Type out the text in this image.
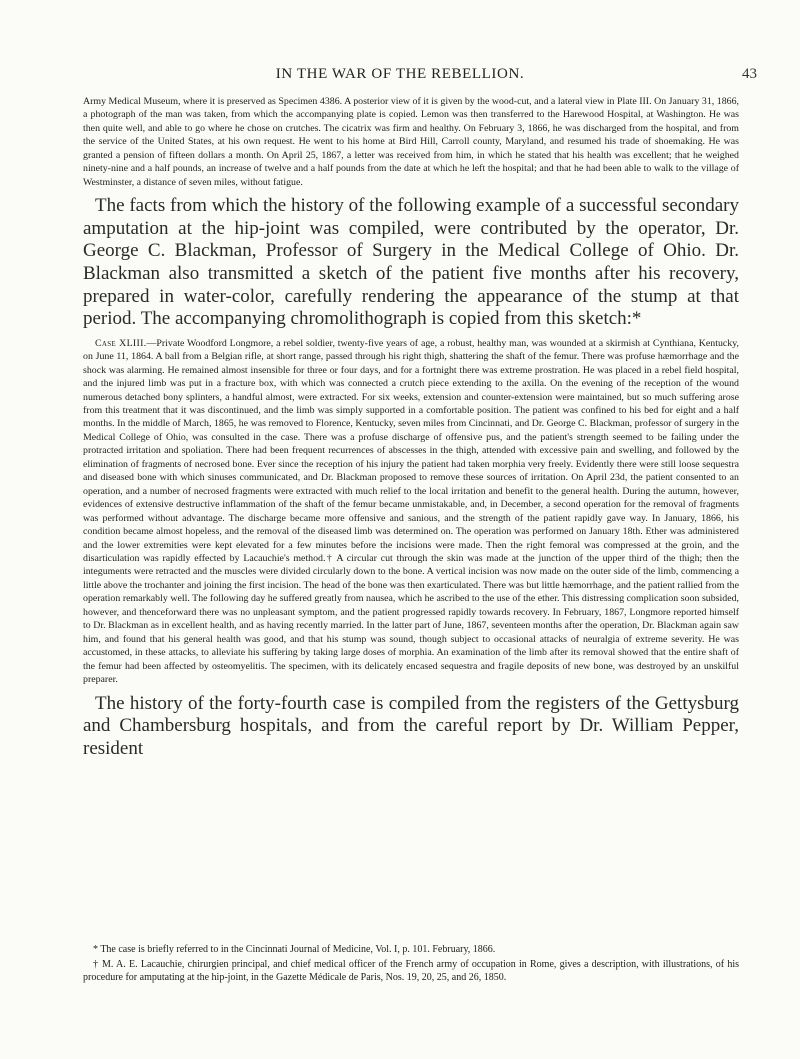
IN THE WAR OF THE REBELLION.	43

Army Medical Museum, where it is preserved as Specimen 4386. A posterior view of it is given by the wood-cut, and a lateral view in Plate III. On January 31, 1866, a photograph of the man was taken, from which the accompanying plate is copied. Lemon was then transferred to the Harewood Hospital, at Washington. He was then quite well, and able to go where he chose on crutches. The cicatrix was firm and healthy. On February 3, 1866, he was discharged from the hospital, and from the service of the United States, at his own request. He went to his home at Bird Hill, Carroll county, Maryland, and resumed his trade of shoemaking. He was granted a pension of fifteen dollars a month. On April 25, 1867, a letter was received from him, in which he stated that his health was excellent; that he weighed ninety-nine and a half pounds, an increase of twelve and a half pounds from the date at which he left the hospital; and that he had been able to walk to the village of Westminster, a distance of seven miles, without fatigue.

The facts from which the history of the following example of a successful secondary amputation at the hip-joint was compiled, were contributed by the operator, Dr. George C. Blackman, Professor of Surgery in the Medical College of Ohio. Dr. Blackman also transmitted a sketch of the patient five months after his recovery, prepared in water-color, carefully rendering the appearance of the stump at that period. The accompanying chromolithograph is copied from this sketch:*

Case XLIII.—Private Woodford Longmore, a rebel soldier, twenty-five years of age, a robust, healthy man, was wounded at a skirmish at Cynthiana, Kentucky, on June 11, 1864. A ball from a Belgian rifle, at short range, passed through his right thigh, shattering the shaft of the femur. There was profuse hæmorrhage and the shock was alarming. He remained almost insensible for three or four days, and for a fortnight there was extreme prostration. He was placed in a rebel field hospital, and the injured limb was put in a fracture box, with which was connected a crutch piece extending to the axilla. On the evening of the reception of the wound numerous detached bony splinters, a handful almost, were extracted. For six weeks, extension and counter-extension were maintained, but so much suffering arose from this treatment that it was discontinued, and the limb was simply supported in a comfortable position. The patient was confined to his bed for eight and a half months. In the middle of March, 1865, he was removed to Florence, Kentucky, seven miles from Cincinnati, and Dr. George C. Blackman, professor of surgery in the Medical College of Ohio, was consulted in the case. There was a profuse discharge of offensive pus, and the patient's strength seemed to be failing under the protracted irritation and spoliation. There had been frequent recurrences of abscesses in the thigh, attended with excessive pain and swelling, and followed by the elimination of fragments of necrosed bone. Ever since the reception of his injury the patient had taken morphia very freely. Evidently there were still loose sequestra and diseased bone with which sinuses communicated, and Dr. Blackman proposed to remove these sources of irritation. On April 23d, the patient consented to an operation, and a number of necrosed fragments were extracted with much relief to the local irritation and benefit to the general health. During the autumn, however, evidences of extensive destructive inflammation of the shaft of the femur became unmistakable, and, in December, a second operation for the removal of fragments was performed without advantage. The discharge became more offensive and sanious, and the strength of the patient rapidly gave way. In January, 1866, his condition became almost hopeless, and the removal of the diseased limb was determined on. The operation was performed on January 18th. Ether was administered and the lower extremities were kept elevated for a few minutes before the incisions were made. Then the right femoral was compressed at the groin, and the disarticulation was rapidly effected by Lacauchie's method.† A circular cut through the skin was made at the junction of the upper third of the thigh; then the integuments were retracted and the muscles were divided circularly down to the bone. A vertical incision was now made on the outer side of the limb, commencing a little above the trochanter and joining the first incision. The head of the bone was then exarticulated. There was but little hæmorrhage, and the patient rallied from the operation remarkably well. The following day he suffered greatly from nausea, which he ascribed to the use of the ether. This distressing complication soon subsided, however, and thenceforward there was no unpleasant symptom, and the patient progressed rapidly towards recovery. In February, 1867, Longmore reported himself to Dr. Blackman as in excellent health, and as having recently married. In the latter part of June, 1867, seventeen months after the operation, Dr. Blackman again saw him, and found that his general health was good, and that his stump was sound, though subject to occasional attacks of neuralgia of extreme severity. He was accustomed, in these attacks, to alleviate his suffering by taking large doses of morphia. An examination of the limb after its removal showed that the entire shaft of the femur had been affected by osteomyelitis. The specimen, with its delicately encased sequestra and fragile deposits of new bone, was destroyed by an unskilful preparer.

The history of the forty-fourth case is compiled from the registers of the Gettysburg and Chambersburg hospitals, and from the careful report by Dr. William Pepper, resident

* The case is briefly referred to in the Cincinnati Journal of Medicine, Vol. I, p. 101. February, 1866.

† M. A. E. Lacauchie, chirurgien principal, and chief medical officer of the French army of occupation in Rome, gives a description, with illustrations, of his procedure for amputating at the hip-joint, in the Gazette Médicale de Paris, Nos. 19, 20, 25, and 26, 1850.
